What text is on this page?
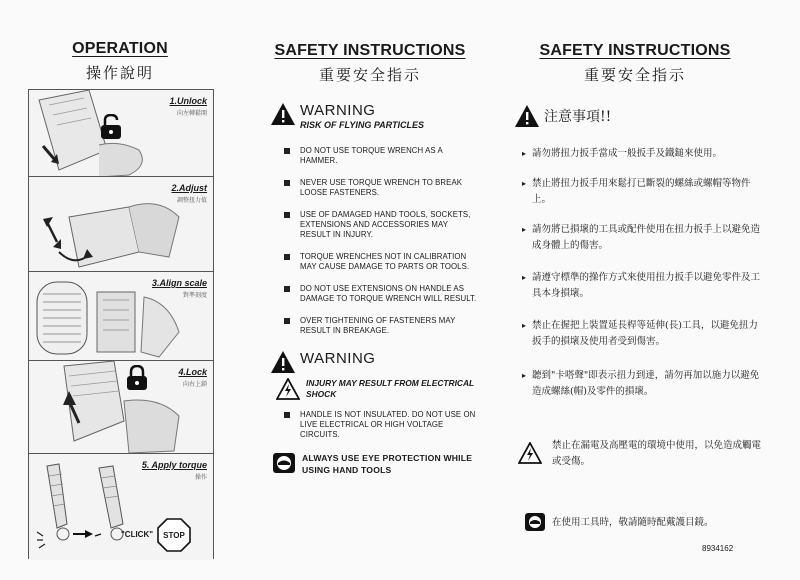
OPERATION
操作說明
SAFETY INSTRUCTIONS
重要安全指示
SAFETY INSTRUCTIONS
重要安全指示
1.Unlock
向左轉鬆開
2.Adjust
調整扭力值
3.Align scale
對準刻度
4.Lock
向右上鎖
"CLICK"	STOP
5. Apply torque
操作
WARNING
RISK OF FLYING PARTICLES
DO NOT USE TORQUE WRENCH AS A HAMMER.
NEVER USE TORQUE WRENCH TO BREAK LOOSE FASTENERS.
USE OF DAMAGED HAND TOOLS, SOCKETS, EXTENSIONS AND ACCESSORIES MAY RESULT IN INJURY.
TORQUE WRENCHES NOT IN CALIBRATION MAY CAUSE DAMAGE TO PARTS OR TOOLS.
DO NOT USE EXTENSIONS ON HANDLE AS DAMAGE TO TORQUE WRENCH WILL RESULT.
OVER TIGHTENING OF FASTENERS MAY RESULT IN BREAKAGE.
WARNING
INJURY MAY RESULT FROM ELECTRICAL SHOCK
HANDLE IS NOT INSULATED. DO NOT USE ON LIVE ELECTRICAL OR HIGH VOLTAGE CIRCUITS.
ALWAYS USE EYE PROTECTION WHILE USING HAND TOOLS
注意事項!!
▸ 請勿將扭力扳手當成一般扳手及鐵鎚來使用。
▸ 禁止將扭力扳手用來鬆打已斷裂的螺絲或螺帽等物件上。
▸ 請勿將已損壞的工具或配件使用在扭力扳手上以避免造成身體上的傷害。
▸ 請遵守標準的操作方式來使用扭力扳手以避免零件及工具本身損壞。
▸ 禁止在握把上裝置延長桿等延伸(長)工具，以避免扭力扳手的損壞及使用者受到傷害。
▸ 聽到"卡嗒聲"即表示扭力到達，請勿再加以施力以避免造成螺絲(帽)及零件的損壞。
禁止在漏電及高壓電的環境中使用，以免造成觸電或受傷。
在使用工具時，敬請隨時配戴護目鏡。
8934162
